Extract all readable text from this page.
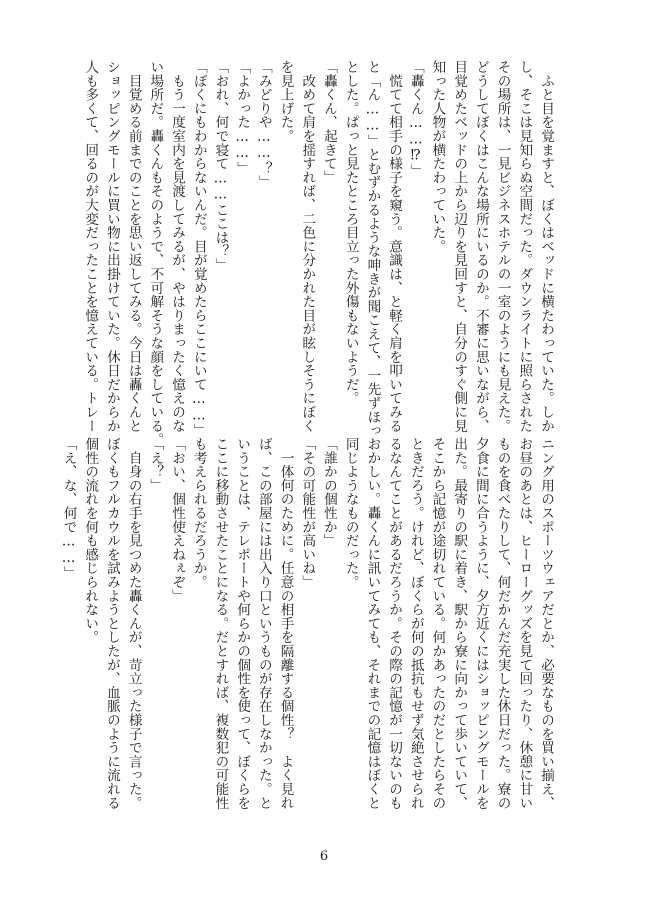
　ふと目を覚ますと、ぼくはベッドに横たわっていた。しか
し、そこは見知らぬ空間だった。ダウンライトに照らされた
その場所は、一見ビジネスホテルの一室のようにも見えた。
どうしてぼくはこんな場所にいるのか。不審に思いながら、
目覚めたベッドの上から辺りを見回すと、自分のすぐ側に見
知った人物が横たわっていた。
「轟くん……⁉」
　慌てて相手の様子を窺う。意識は、と軽く肩を叩いてみる
と「ん……」とむずかるような呻きが聞こえて、一先ずほっ
とした。ぱっと見たところ目立った外傷もないようだ。
「轟くん、起きて」
　改めて肩を揺すれば、二色に分かれた目が眩しそうにぼく
を見上げた。
「みどりや……？」
「よかった……」
「おれ、何で寝て……ここは？」
「ぼくにもわからないんだ。目が覚めたらここにいて……」
　もう一度室内を見渡してみるが、やはりまったく憶えのな
い場所だ。轟くんもそのようで、不可解そうな顔をしている。
　目覚める前までのことを思い返してみる。今日は轟くんと
ショッピングモールに買い物に出掛けていた。休日だからか
人も多くて、回るのが大変だったことを憶えている。トレー
ニング用のスポーツウェアだとか、必要なものを買い揃え、
お昼のあとは、ヒーローグッズを見て回ったり、休憩に甘い
ものを食べたりして、何だかんだ充実した休日だった。寮の
夕食に間に合うように、夕方近くにはショッピングモールを
出た。最寄りの駅に着き、駅から寮に向かって歩いていて、
そこから記憶が途切れている。何かあったのだとしたらその
ときだろう。けれど、ぼくらが何の抵抗もせず気絶させられ
るなんてことがあるだろうか。その際の記憶が一切ないのも
おかしい。轟くんに訊いてみても、それまでの記憶はぼくと
同じようなものだった。
「誰かの個性か」
「その可能性が高いね」
　一体何のために。任意の相手を隔離する個性？　よく見れ
ば、この部屋には出入り口というものが存在しなかった。と
いうことは、テレポートや何らかの個性を使って、ぼくらを
ここに移動させたことになる。だとすれば、複数犯の可能性
も考えられるだろうか。
「おい、個性使えねぇぞ」
「え？」
　自身の右手を見つめた轟くんが、苛立った様子で言った。
ぼくもフルカウルを試みようとしたが、血脈のように流れる
個性の流れを何も感じられない。
「え、な、何で……」
6
